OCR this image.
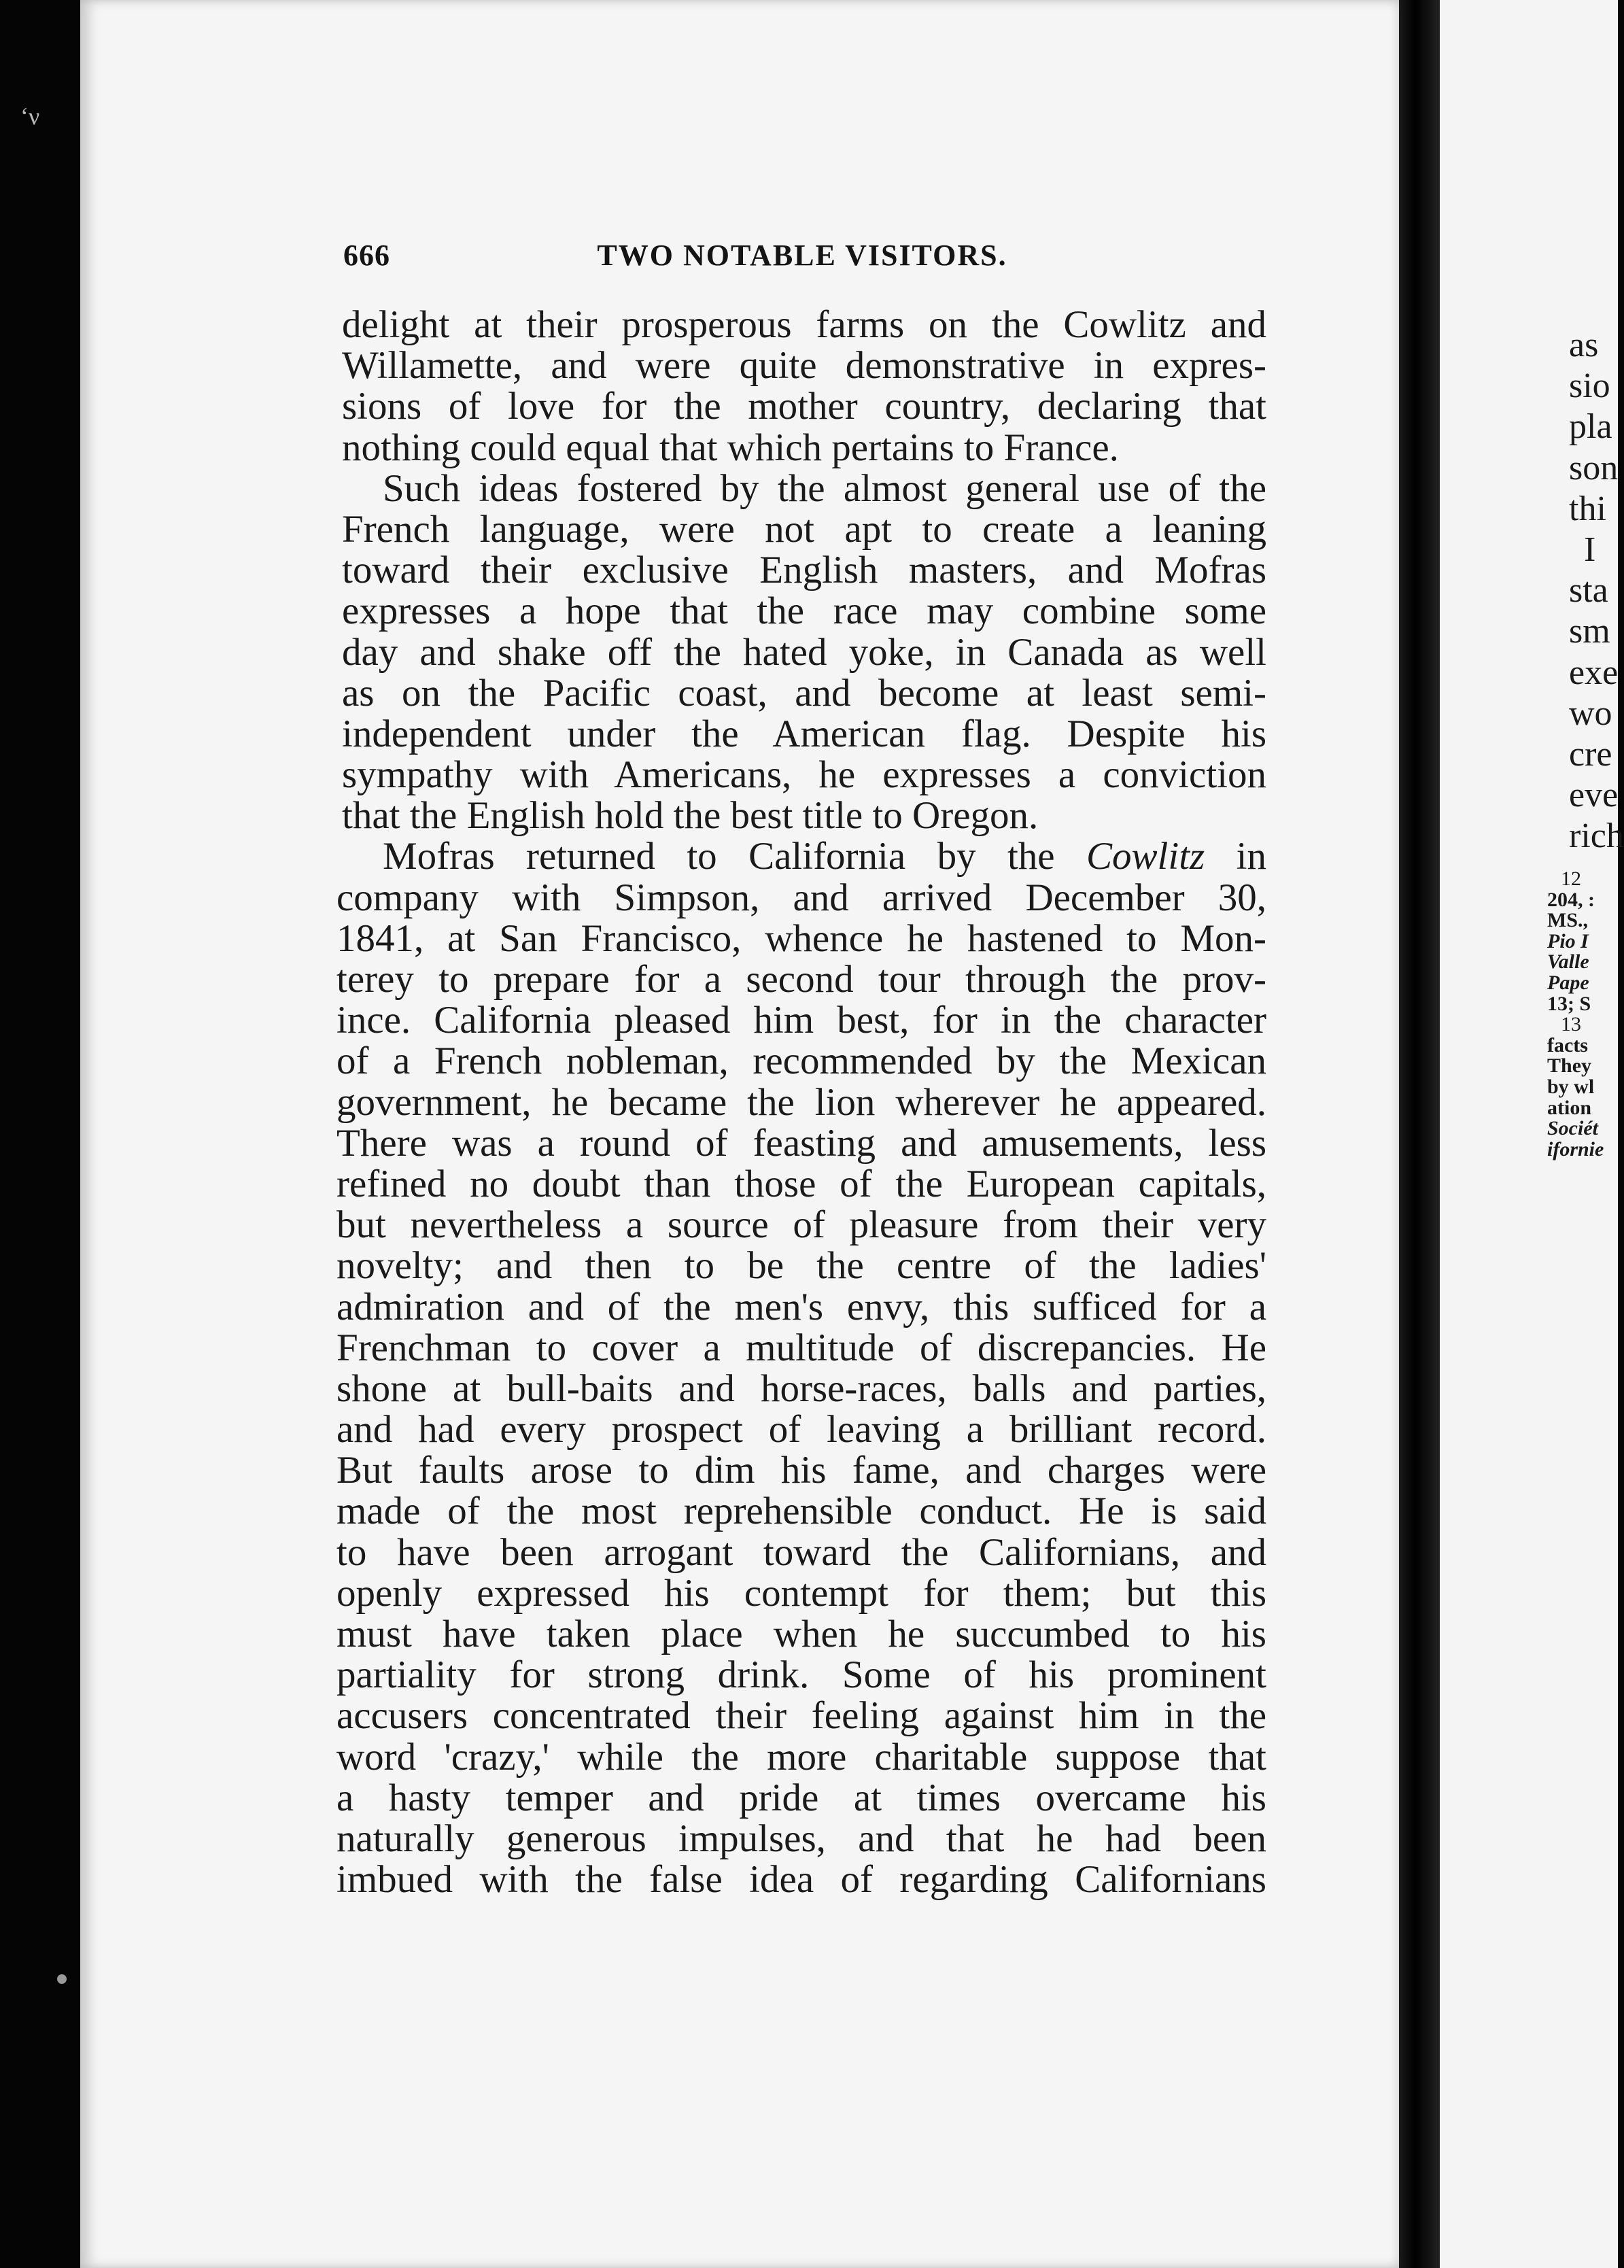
666	TWO NOTABLE VISITORS.
delight at their prosperous farms on the Cowlitz and
Willamette, and were quite demonstrative in expres-
sions of love for the mother country, declaring that
nothing could equal that which pertains to France.
Such ideas fostered by the almost general use of the
French language, were not apt to create a leaning
toward their exclusive English masters, and Mofras
expresses a hope that the race may combine some
day and shake off the hated yoke, in Canada as well
as on the Pacific coast, and become at least semi-
independent under the American flag. Despite his
sympathy with Americans, he expresses a conviction
that the English hold the best title to Oregon.
Mofras returned to California by the Cowlitz in
company with Simpson, and arrived December 30,
1841, at San Francisco, whence he hastened to Mon-
terey to prepare for a second tour through the prov-
ince. California pleased him best, for in the character
of a French nobleman, recommended by the Mexican
government, he became the lion wherever he appeared.
There was a round of feasting and amusements, less
refined no doubt than those of the European capitals,
but nevertheless a source of pleasure from their very
novelty; and then to be the centre of the ladies'
admiration and of the men's envy, this sufficed for a
Frenchman to cover a multitude of discrepancies. He
shone at bull-baits and horse-races, balls and parties,
and had every prospect of leaving a brilliant record.
But faults arose to dim his fame, and charges were
made of the most reprehensible conduct. He is said
to have been arrogant toward the Californians, and
openly expressed his contempt for them; but this
must have taken place when he succumbed to his
partiality for strong drink. Some of his prominent
accusers concentrated their feeling against him in the
word 'crazy,' while the more charitable suppose that
a hasty temper and pride at times overcame his
naturally generous impulses, and that he had been
imbued with the false idea of regarding Californians
as
sio
pla
son
thi
I
sta
sm
exe
wo
cre
eve
rich
12
204, :
MS.,
Pio I
Valle
Pape
13; S
13
facts
They
by wl
ation
Sociét
ifornie
‘ν
